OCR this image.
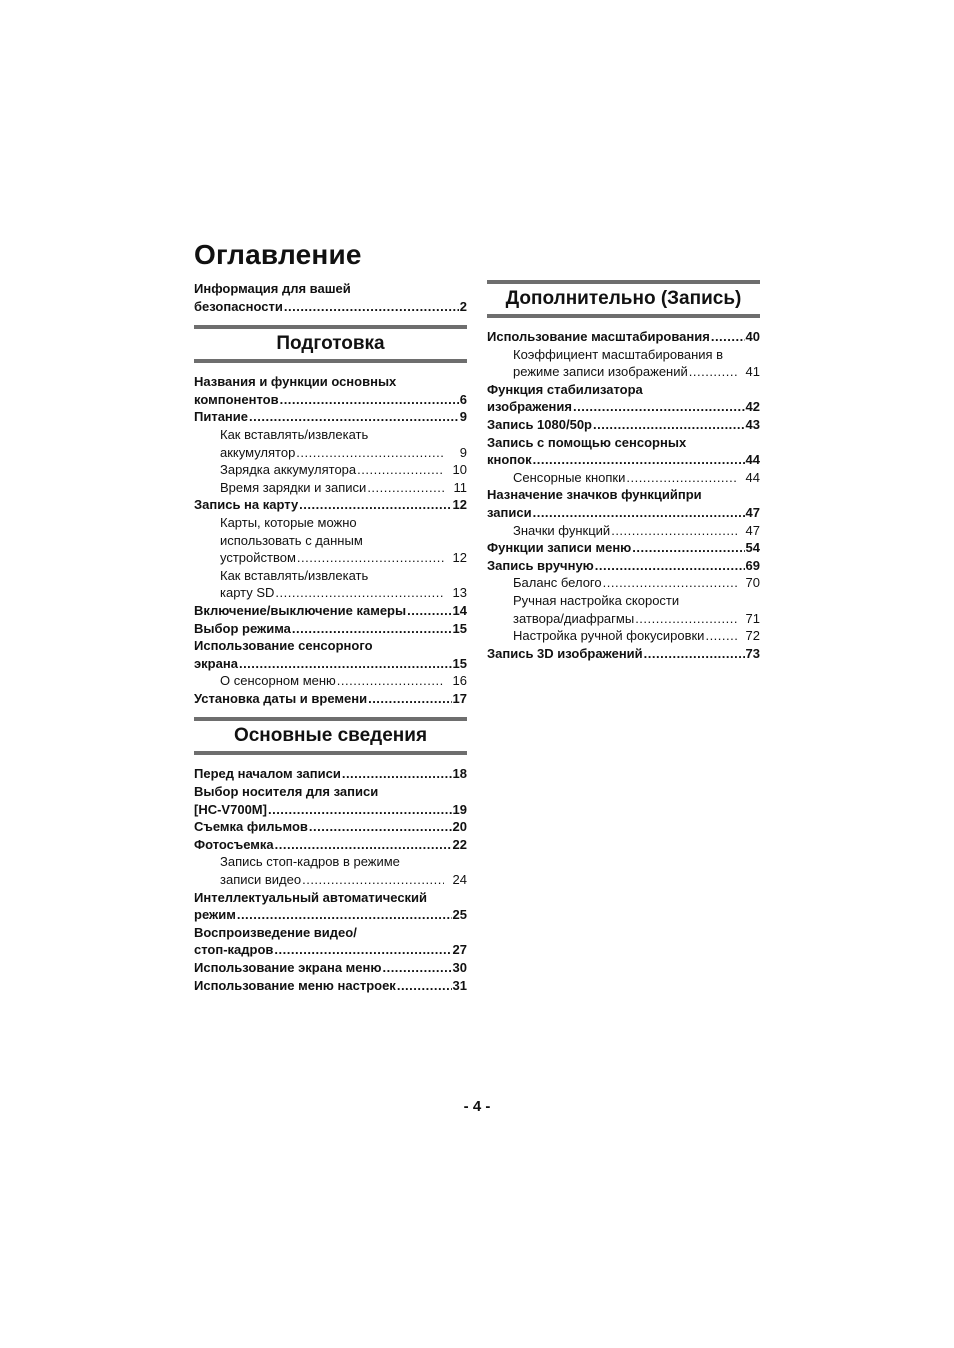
Оглавление
Информация для вашей
безопасности .....	2
Подготовка
Названия и функции основных
компонентов .....	6
Питание .....	9
Как вставлять/извлекать
аккумулятор .....	9
Зарядка аккумулятора .....	10
Время зарядки и записи .....	11
Запись на карту .....	12
Карты, которые можно
использовать с данным
устройством .....	12
Как вставлять/извлекать
карту SD .....	13
Включение/выключение камеры .....	14
Выбор режима .....	15
Использование сенсорного
экрана .....	15
О сенсорном меню .....	16
Установка даты и времени .....	17
Основные сведения
Перед началом записи .....	18
Выбор носителя для записи
[HC-V700M] .....	19
Съемка фильмов .....	20
Фотосъемка .....	22
Запись стоп-кадров в режиме
записи видео .....	24
Интеллектуальный автоматический
режим .....	25
Воспроизведение видео/
стоп-кадров .....	27
Использование экрана меню .....	30
Использование меню настроек .....	31
Дополнительно (Запись)
Использование масштабирования .....	40
Коэффициент масштабирования в
режиме записи изображений .....	41
Функция стабилизатора
изображения .....	42
Запись 1080/50p .....	43
Запись с помощью сенсорных
кнопок .....	44
Сенсорные кнопки .....	44
Назначение значков функцийпри
записи .....	47
Значки функций .....	47
Функции записи меню .....	54
Запись вручную .....	69
Баланс белого .....	70
Ручная настройка скорости
затвора/диафрагмы .....	71
Настройка ручной фокусировки .....	72
Запись 3D изображений .....	73
- 4 -
